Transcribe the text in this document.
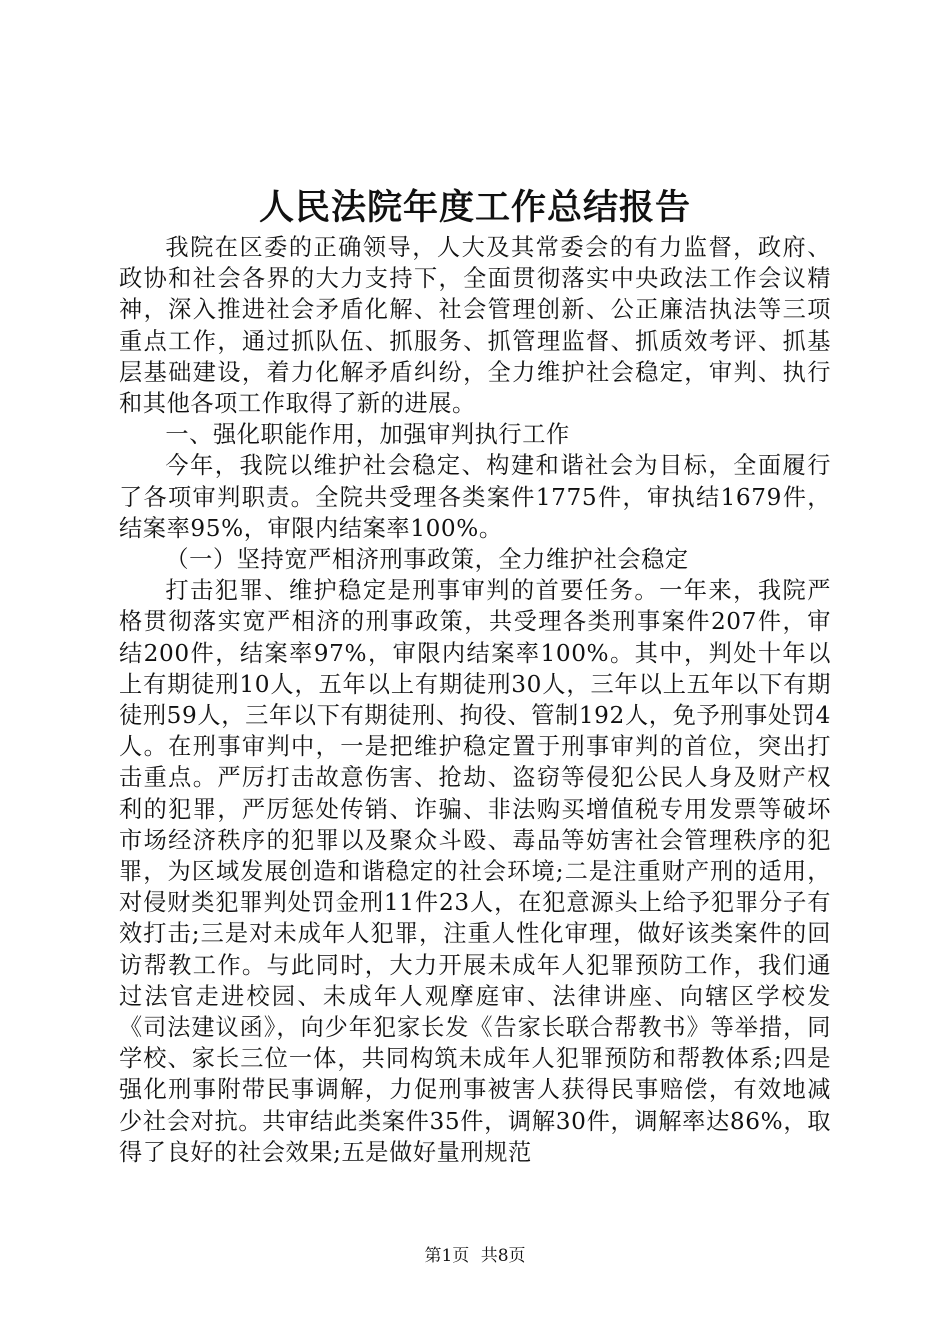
人民法院年度工作总结报告

我院在区委的正确领导，人大及其常委会的有力监督，政府、政协和社会各界的大力支持下，全面贯彻落实中央政法工作会议精神，深入推进社会矛盾化解、社会管理创新、公正廉洁执法等三项重点工作，通过抓队伍、抓服务、抓管理监督、抓质效考评、抓基层基础建设，着力化解矛盾纠纷，全力维护社会稳定，审判、执行和其他各项工作取得了新的进展。

一、强化职能作用，加强审判执行工作

今年，我院以维护社会稳定、构建和谐社会为目标，全面履行了各项审判职责。全院共受理各类案件1775件，审执结1679件，结案率95%，审限内结案率100%。

（一）坚持宽严相济刑事政策，全力维护社会稳定

打击犯罪、维护稳定是刑事审判的首要任务。一年来，我院严格贯彻落实宽严相济的刑事政策，共受理各类刑事案件207件，审结200件，结案率97%，审限内结案率100%。其中，判处十年以上有期徒刑10人，五年以上有期徒刑30人，三年以上五年以下有期徒刑59人，三年以下有期徒刑、拘役、管制192人，免予刑事处罚4人。在刑事审判中，一是把维护稳定置于刑事审判的首位，突出打击重点。严厉打击故意伤害、抢劫、盗窃等侵犯公民人身及财产权利的犯罪，严厉惩处传销、诈骗、非法购买增值税专用发票等破坏市场经济秩序的犯罪以及聚众斗殴、毒品等妨害社会管理秩序的犯罪，为区域发展创造和谐稳定的社会环境;二是注重财产刑的适用，对侵财类犯罪判处罚金刑11件23人，在犯意源头上给予犯罪分子有效打击;三是对未成年人犯罪，注重人性化审理，做好该类案件的回访帮教工作。与此同时，大力开展未成年人犯罪预防工作，我们通过法官走进校园、未成年人观摩庭审、法律讲座、向辖区学校发《司法建议函》，向少年犯家长发《告家长联合帮教书》等举措，同学校、家长三位一体，共同构筑未成年人犯罪预防和帮教体系;四是强化刑事附带民事调解，力促刑事被害人获得民事赔偿，有效地减少社会对抗。共审结此类案件35件，调解30件，调解率达86%，取得了良好的社会效果;五是做好量刑规范

第1页 共8页
